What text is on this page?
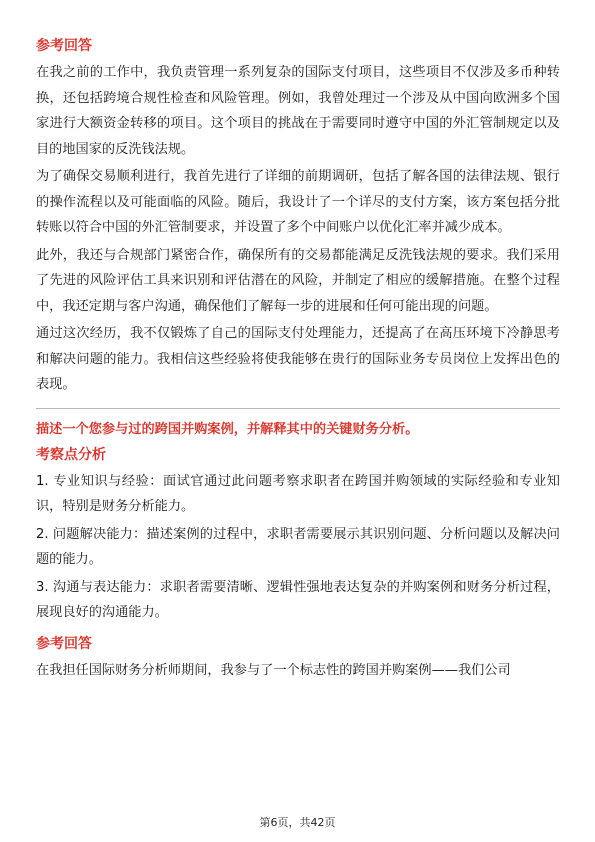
参考回答

在我之前的工作中，我负责管理一系列复杂的国际支付项目，这些项目不仅涉及多币种转换，还包括跨境合规性检查和风险管理。例如，我曾处理过一个涉及从中国向欧洲多个国家进行大额资金转移的项目。这个项目的挑战在于需要同时遵守中国的外汇管制规定以及目的地国家的反洗钱法规。

为了确保交易顺利进行，我首先进行了详细的前期调研，包括了解各国的法律法规、银行的操作流程以及可能面临的风险。随后，我设计了一个详尽的支付方案，该方案包括分批转账以符合中国的外汇管制要求，并设置了多个中间账户以优化汇率并减少成本。

此外，我还与合规部门紧密合作，确保所有的交易都能满足反洗钱法规的要求。我们采用了先进的风险评估工具来识别和评估潜在的风险，并制定了相应的缓解措施。在整个过程中，我还定期与客户沟通，确保他们了解每一步的进展和任何可能出现的问题。

通过这次经历，我不仅锻炼了自己的国际支付处理能力，还提高了在高压环境下冷静思考和解决问题的能力。我相信这些经验将使我能够在贵行的国际业务专员岗位上发挥出色的表现。

描述一个您参与过的跨国并购案例，并解释其中的关键财务分析。
考察点分析

1. 专业知识与经验：面试官通过此问题考察求职者在跨国并购领域的实际经验和专业知识，特别是财务分析能力。

2. 问题解决能力：描述案例的过程中，求职者需要展示其识别问题、分析问题以及解决问题的能力。

3. 沟通与表达能力：求职者需要清晰、逻辑性强地表达复杂的并购案例和财务分析过程，展现良好的沟通能力。

参考回答

在我担任国际财务分析师期间，我参与了一个标志性的跨国并购案例——我们公司

第6页，共42页
